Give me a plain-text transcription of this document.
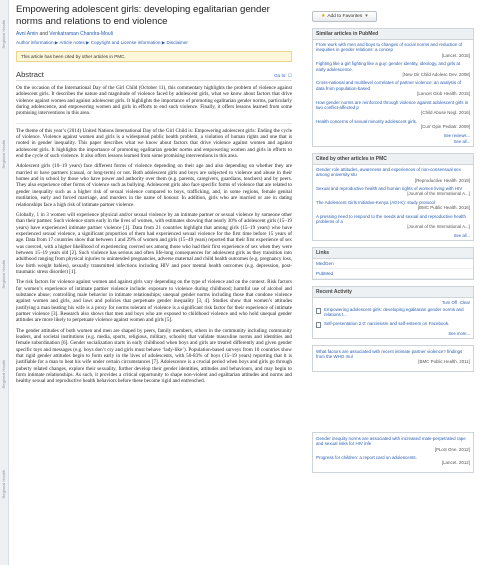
Regional Health
Regional Health
Regional Health
Regional Health
Regional Health
Empowering adolescent girls: developing egalitarian gender norms and relations to end violence
Avni Amin and Venkatraman Chandra-Mouli
Author information ▶ Article notes ▶ Copyright and License information ▶ Disclaimer
This article has been cited by other articles in PMC.
Abstract	Go to: ☐

On the occasion of the International Day of the Girl Child (October 11), this commentary highlights the problem of violence against adolescent girls. It describes the nature and magnitude of violence faced by adolescent girls, what we know about factors that drive violence against women and against adolescent girls. It highlights the importance of promoting egalitarian gender norms, particularly during adolescence, and empowering women and girls in efforts to end such violence. Finally, it offers lessons learned from some promising interventions in this area.

The theme of this year’s (2014) United Nations International Day of the Girl Child is: Empowering adolescent girls: Ending the cycle of violence. Violence against women and girls is a widespread public health problem, a violation of human rights and one that is rooted in gender inequality. This paper describes what we know about factors that drive violence against women and against adolescent girls. It highlights the importance of promoting egalitarian gender norms and empowering women and girls in efforts to end the cycle of such violence. It also offers lessons learned from some promising interventions in this area.

Adolescent girls (10–19 years) face different forms of violence depending on their age and also depending on whether they are married or have partners (casual, or long-term) or not. Both adolescent girls and boys are subjected to violence and abuse in their homes and in school by those who have power and authority over them (e.g. parents, caregivers, guardians, teachers) and by peers. They also experience other forms of violence such as bullying. Adolescent girls also face specific forms of violence that are related to gender inequality such as a higher risk of sexual violence compared to boys, trafficking, and, in some regions, female genital mutilation, early and forced marriage, and murders in the name of honour. In addition, girls who are married or are in dating relationships face a high risk of intimate partner violence.

Globally, 1 in 3 women will experience physical and/or sexual violence by an intimate partner or sexual violence by someone other than their partner. Such violence starts early in the lives of women, with estimates showing that nearly 30% of adolescent girls (15–19 years) have experienced intimate partner violence [1]. Data from 21 countries highlight that among girls (15–19 years) who have experienced sexual violence, a significant proportion of them had experienced sexual violence for the first time before 15 years of age. Data from 17 countries show that between 1 and 29% of women and girls (15–49 years) reported that their first experience of sex was coerced, with a higher likelihood of experiencing coerced sex among those who had their first experience of sex when they were between 15–19 years old [2]. Such violence has serious and often life-long consequences for adolescent girls as they transition into adulthood ranging from physical injuries to unintended pregnancies, adverse maternal and child health outcomes (e.g. pregnancy loss, low birth weight babies), sexually transmitted infections including HIV and poor mental health outcomes (e.g. depression, post-traumatic stress disorder) [1].

The risk factors for violence against women and against girls vary depending on the type of violence and on the context. Risk factors for women’s experience of intimate partner violence include: exposure to violence during childhood; harmful use of alcohol and substance abuse; controlling male behavior in intimate relationships; unequal gender norms including those that condone violence against women and girls, and laws and policies that perpetuate gender inequality [3, 4]. Studies show that women’s attitudes justifying a man beating his wife is a proxy for norms tolerant of violence is a significant risk factor for their experience of intimate partner violence [3]. Research also shows that men and boys who are exposed to childhood violence and who hold unequal gender attitudes are more likely to perpetuate violence against women and girls [5].

The gender attitudes of both women and men are shaped by peers, family members, others in the community including community leaders, and societal institutions (e.g. media, sports, religious, military, schools) that validate masculine norms and identities and female subordination [6]. Gender socialization starts in early childhood when boys and girls are treated differently and given gender specific toys and messages (e.g. boys don’t cry and girls must behave ‘lady-like’). Population-based surveys from 10 countries show that rigid gender attitudes begin to form early in the lives of adolescents, with 50-83% of boys (15–19 years) reporting that it is justifiable for a man to beat his wife under certain circumstances [7]. Adolescence is a crucial period when boys and girls go through puberty related changes, explore their sexuality, further develop their gender identities, attitudes and behaviours, and may begin to form intimate relationships. As such, it provides a critical opportunity to shape non-violent and egalitarian attitudes and norms and healthy sexual and reproductive health behaviors before these become rigid and entrenched.

★ Add to Favorites ▾
Similar articles in PubMed
From work with men and boys to changes of social norms and reduction of inequities in gender relations: a concep
[Lancet. 2015]
Fighting like a girl fighting like a guy: gender identity, ideology, and girls at early adolescence.
[New Dir Child Adolesc Dev. 2008]
Cross-national and multilevel correlates of partner violence: an analysis of data from population-based
[Lancet Glob Health. 2015]
How gender norms are reinforced through violence against adolescent girls in two conflict-affected p
[Child Abuse Negl. 2016]
Health concerns of sexual minority adolescent girls.
[Curr Opin Pediatr. 2009]
See reviews...
See all...
Cited by other articles in PMC
Gender role attitudes, awareness and experiences of non-consensual sex among university stu
[Reproductive Health. 2019]
Sexual and reproductive health and human rights of women living with HIV
[Journal of the International A...]
The Adolescent Girls Initiative-Kenya (AGI-K): study protocol
[BMC Public Health. 2016]
A pressing need to respond to the needs and sexual and reproductive health problems of a
[Journal of the International A...]
See all...
Links
MedGen
PubMed
Recent Activity
Turn Off Clear
Empowering adolescent girls: developing egalitarian gender norms and relations t...
Self-presentation 2.0: narcissism and self-esteem on Facebook.
See more...
What factors are associated with recent intimate partner violence? findings from the WHO mul
[BMC Public Health. 2011]
Gender inequity norms are associated with increased male-perpetrated rape and sexual risks for HIV infe
[PLoS One. 2012]
Progress for children: a report card on adolescents.
[Lancet. 2012]
